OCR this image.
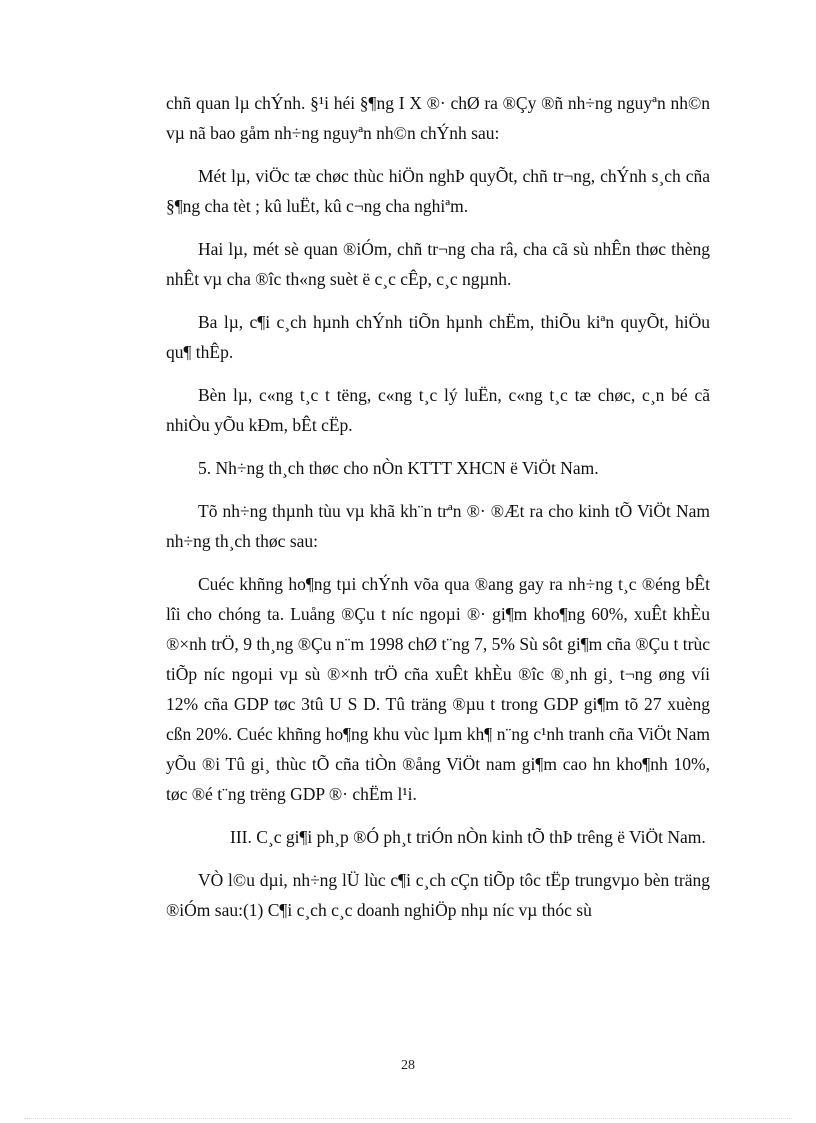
chñ quan lµ chÝnh. §¹i héi §¶ng I X ®· chØ ra ®Çy ®ñ nh÷ng nguyªn nh©n vµ nã bao gåm nh÷ng nguyªn nh©n chÝnh sau:

Mét lµ, viÖc tæ chøc thùc hiÖn nghÞ quyÕt, chñ tr¬ng, chÝnh s¸ch cña §¶ng cha tèt ; kû luËt, kû c¬ng cha nghiªm.

Hai lµ, mét sè quan ®iÓm, chñ tr¬ng cha râ, cha cã sù nhÊn thøc thèng nhÊt vµ cha ®îc th«ng suèt ë c¸c cÊp, c¸c ngµnh.

Ba lµ, c¶i c¸ch hµnh chÝnh tiÕn hµnh chËm, thiÕu kiªn quyÕt, hiÖu qu¶ thÊp.

Bèn lµ, c«ng t¸c t tëng, c«ng t¸c lý luËn, c«ng t¸c tæ chøc, c¸n bé cã nhiÒu yÕu kÐm, bÊt cËp.

5. Nh÷ng th¸ch thøc cho nÒn KTTT XHCN ë ViÖt Nam.

Tõ nh÷ng thµnh tùu vµ khã kh¨n trªn ®· ®Æt ra cho kinh tÕ ViÖt Nam nh÷ng th¸ch thøc sau:

Cuéc khñng ho¶ng tµi chÝnh võa qua ®ang gay ra nh÷ng t¸c ®éng bÊt lîi cho chóng ta. Luång ®Çu t níc ngoµi ®· gi¶m kho¶ng 60%, xuÊt khÈu ®×nh trÖ, 9 th¸ng ®Çu n¨m 1998 chØ t¨ng 7, 5% Sù sôt gi¶m cña ®Çu t trùc tiÕp níc ngoµi vµ sù ®×nh trÖ cña xuÊt khÈu ®îc ®¸nh gi¸ t¬ng øng víi 12% cña GDP tøc 3tû U S D. Tû träng ®µu t trong GDP gi¶m tõ 27 xuèng cßn 20%. Cuéc khñng ho¶ng khu vùc lµm kh¶ n¨ng c¹nh tranh cña ViÖt Nam yÕu ®i Tû gi¸ thùc tÕ cña tiÒn ®ång ViÖt nam gi¶m cao hn kho¶nh 10%, tøc ®é t¨ng trëng GDP ®· chËm l¹i.

III. C¸c gi¶i ph¸p ®Ó ph¸t triÓn nÒn kinh tÕ thÞ trêng ë ViÖt Nam.

VÒ l©u dµi, nh÷ng lÜ lùc c¶i c¸ch cÇn tiÕp tôc tËp trungvµo bèn träng ®iÓm sau:(1) C¶i c¸ch c¸c doanh nghiÖp nhµ níc vµ thóc sù

28
